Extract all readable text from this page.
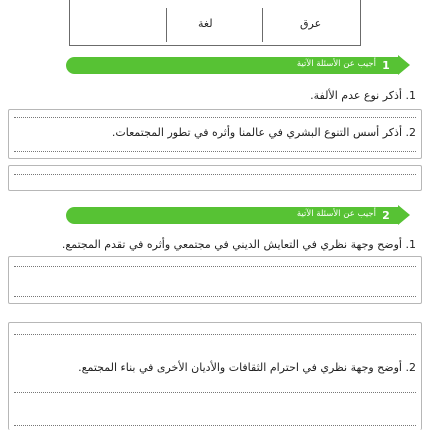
لغة	عرق
أجيب عن الأسئلة الآتية 1
1. أذكر نوع عدم الألفة.
2. أذكر أسس التنوع البشري في عالمنا وأثره في تطور المجتمعات.
أجيب عن الأسئلة الآتية 2
1. أوضح وجهة نظري في التعايش الديني في مجتمعي وأثره في تقدم المجتمع.
2. أوضح وجهة نظري في احترام الثقافات والأديان الأخرى في بناء المجتمع.
